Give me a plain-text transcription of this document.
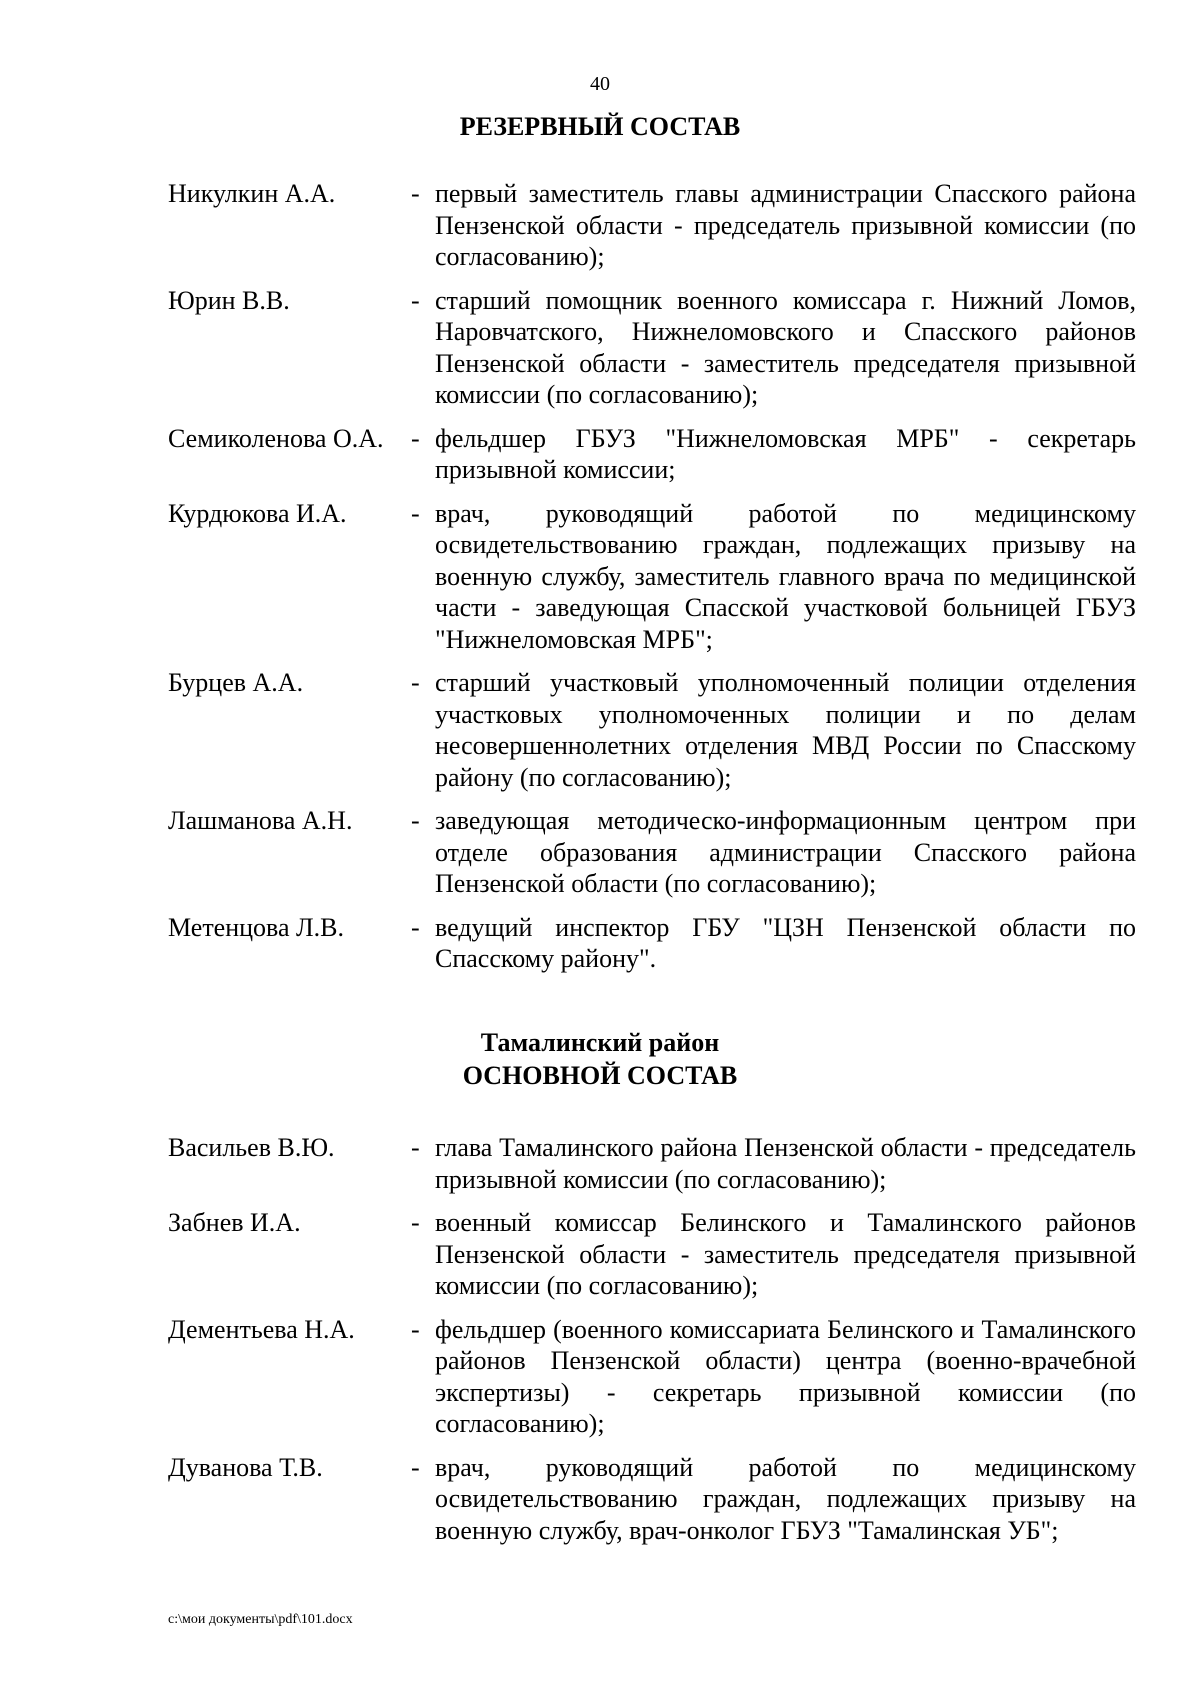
40
РЕЗЕРВНЫЙ СОСТАВ
Никулкин А.А.	- первый заместитель главы администрации Спасского района Пензенской области - председатель призывной комиссии (по согласованию);
Юрин В.В.	- старший помощник военного комиссара г. Нижний Ломов, Наровчатского, Нижнеломовского и Спасского районов Пензенской области - заместитель председателя призывной комиссии (по согласованию);
Семиколенова О.А.	- фельдшер ГБУЗ "Нижнеломовская МРБ" - секретарь призывной комиссии;
Курдюкова И.А.	- врач, руководящий работой по медицинскому освидетельствованию граждан, подлежащих призыву на военную службу, заместитель главного врача по медицинской части - заведующая Спасской участковой больницей ГБУЗ "Нижнеломовская МРБ";
Бурцев А.А.	- старший участковый уполномоченный полиции отделения участковых уполномоченных полиции и по делам несовершеннолетних отделения МВД России по Спасскому району (по согласованию);
Лашманова А.Н.	- заведующая методическо-информационным центром при отделе образования администрации Спасского района Пензенской области (по согласованию);
Метенцова Л.В.	- ведущий инспектор ГБУ "ЦЗН Пензенской области по Спасскому району".
Тамалинский район
ОСНОВНОЙ СОСТАВ
Васильев В.Ю.	- глава Тамалинского района Пензенской области - председатель призывной комиссии (по согласованию);
Забнев И.А.	- военный комиссар Белинского и Тамалинского районов Пензенской области - заместитель председателя призывной комиссии (по согласованию);
Дементьева Н.А.	- фельдшер (военного комиссариата Белинского и Тамалинского районов Пензенской области) центра (военно-врачебной экспертизы) - секретарь призывной комиссии (по согласованию);
Дуванова Т.В.	- врач, руководящий работой по медицинскому освидетельствованию граждан, подлежащих призыву на военную службу, врач-онколог ГБУЗ "Тамалинская УБ";
c:\мои документы\pdf\101.docx
